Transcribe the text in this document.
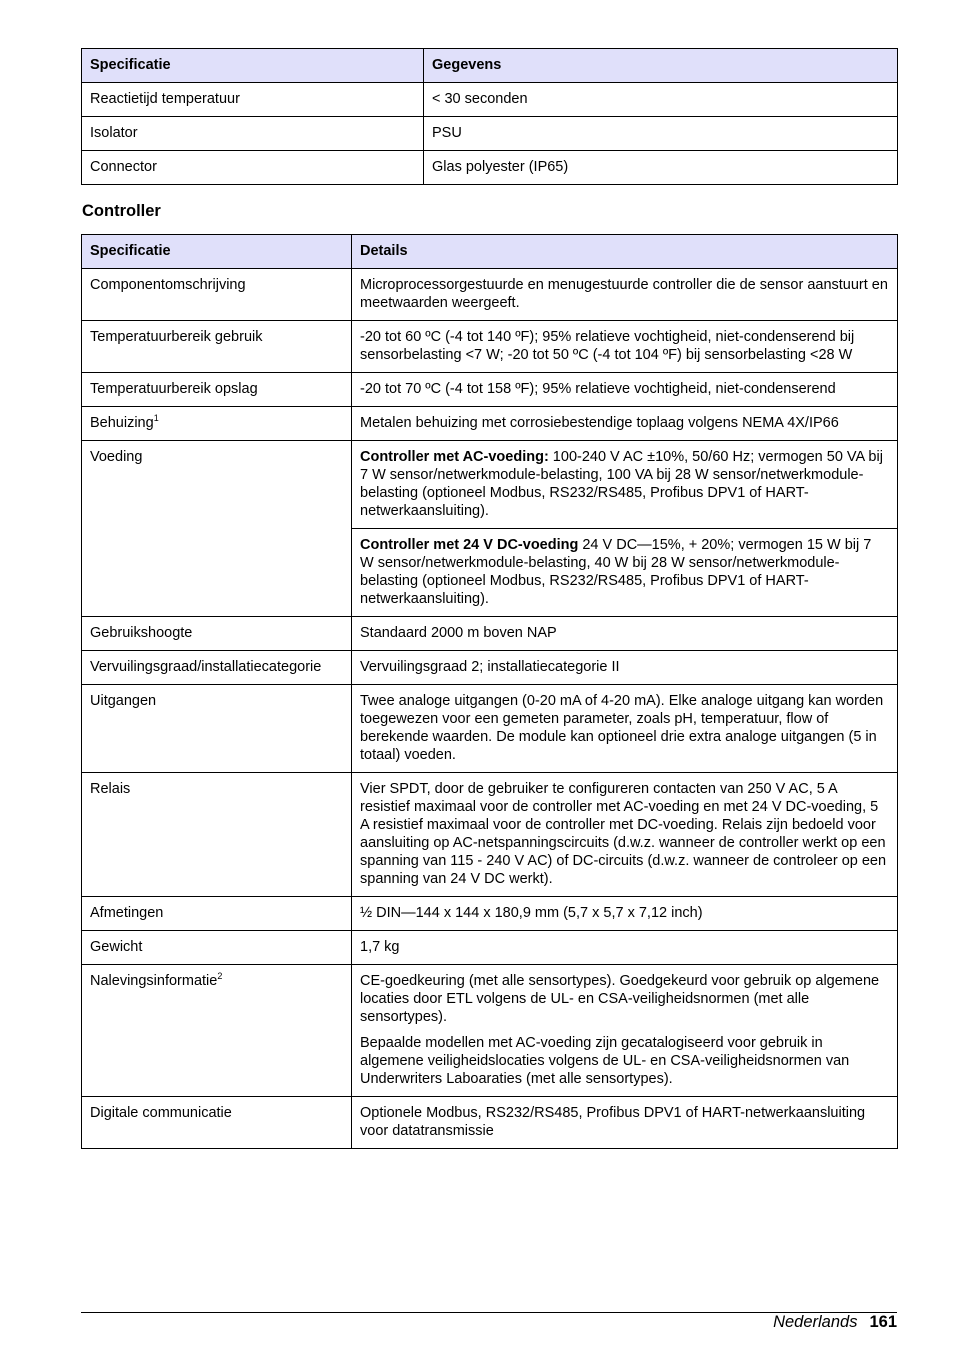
Specificatie	Gegevens
Reactietijd temperatuur	< 30 seconden
Isolator	PSU
Connector	Glas polyester (IP65)
Controller
Specificatie	Details
Componentomschrijving	Microprocessorgestuurde en menugestuurde controller die de sensor aanstuurt en meetwaarden weergeeft.
Temperatuurbereik gebruik	-20 tot 60 ºC (-4 tot 140 ºF); 95% relatieve vochtigheid, niet-condenserend bij sensorbelasting <7 W; -20 tot 50 ºC (-4 tot 104 ºF) bij sensorbelasting <28 W
Temperatuurbereik opslag	-20 tot 70 ºC (-4 tot 158 ºF); 95% relatieve vochtigheid, niet-condenserend
Behuizing$^1$	Metalen behuizing met corrosiebestendige toplaag volgens NEMA 4X/IP66
Voeding	Controller met AC-voeding: 100-240 V AC ±10%, 50/60 Hz; vermogen 50 VA bij 7 W sensor/netwerkmodule-belasting, 100 VA bij 28 W sensor/netwerkmodule-belasting (optioneel Modbus, RS232/RS485, Profibus DPV1 of HART-netwerkaansluiting).
	Controller met 24 V DC-voeding 24 V DC—15%, + 20%; vermogen 15 W bij 7 W sensor/netwerkmodule-belasting, 40 W bij 28 W sensor/netwerkmodule-belasting (optioneel Modbus, RS232/RS485, Profibus DPV1 of HART-netwerkaansluiting).
Gebruikshoogte	Standaard 2000 m boven NAP
Vervuilingsgraad/installatiecategorie	Vervuilingsgraad 2; installatiecategorie II
Uitgangen	Twee analoge uitgangen (0-20 mA of 4-20 mA). Elke analoge uitgang kan worden toegewezen voor een gemeten parameter, zoals pH, temperatuur, flow of berekende waarden. De module kan optioneel drie extra analoge uitgangen (5 in totaal) voeden.
Relais	Vier SPDT, door de gebruiker te configureren contacten van 250 V AC, 5 A resistief maximaal voor de controller met AC-voeding en met 24 V DC-voeding, 5 A resistief maximaal voor de controller met DC-voeding. Relais zijn bedoeld voor aansluiting op AC-netspanningscircuits (d.w.z. wanneer de controller werkt op een spanning van 115 - 240 V AC) of DC-circuits (d.w.z. wanneer de controleer op een spanning van 24 V DC werkt).
Afmetingen	½ DIN—144 x 144 x 180,9 mm (5,7 x 5,7 x 7,12 inch)
Gewicht	1,7 kg
Nalevingsinformatie$^2$	CE-goedkeuring (met alle sensortypes). Goedgekeurd voor gebruik op algemene locaties door ETL volgens de UL- en CSA-veiligheidsnormen (met alle sensortypes).
Bepaalde modellen met AC-voeding zijn gecatalogiseerd voor gebruik in algemene veiligheidslocaties volgens de UL- en CSA-veiligheidsnormen van Underwriters Laboaraties (met alle sensortypes).

Digitale communicatie	Optionele Modbus, RS232/RS485, Profibus DPV1 of HART-netwerkaansluiting voor datatransmissie
Nederlands 161
